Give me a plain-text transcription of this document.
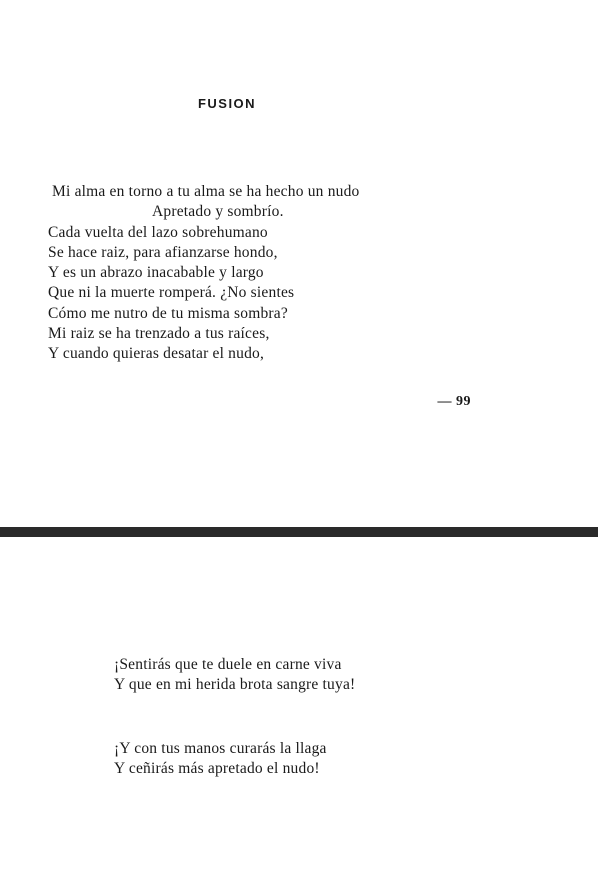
FUSION
Mi alma en torno a tu alma se ha hecho un nudo
Apretado y sombrío.
Cada vuelta del lazo sobrehumano
Se hace raiz, para afianzarse hondo,
Y es un abrazo inacabable y largo
Que ni la muerte romperá. ¿No sientes
Cómo me nutro de tu misma sombra?
Mi raiz se ha trenzado a tus raíces,
Y cuando quieras desatar el nudo,
— 99
¡Sentirás que te duele en carne viva
Y que en mi herida brota sangre tuya!
¡Y con tus manos curarás la llaga
Y ceñirás más apretado el nudo!
